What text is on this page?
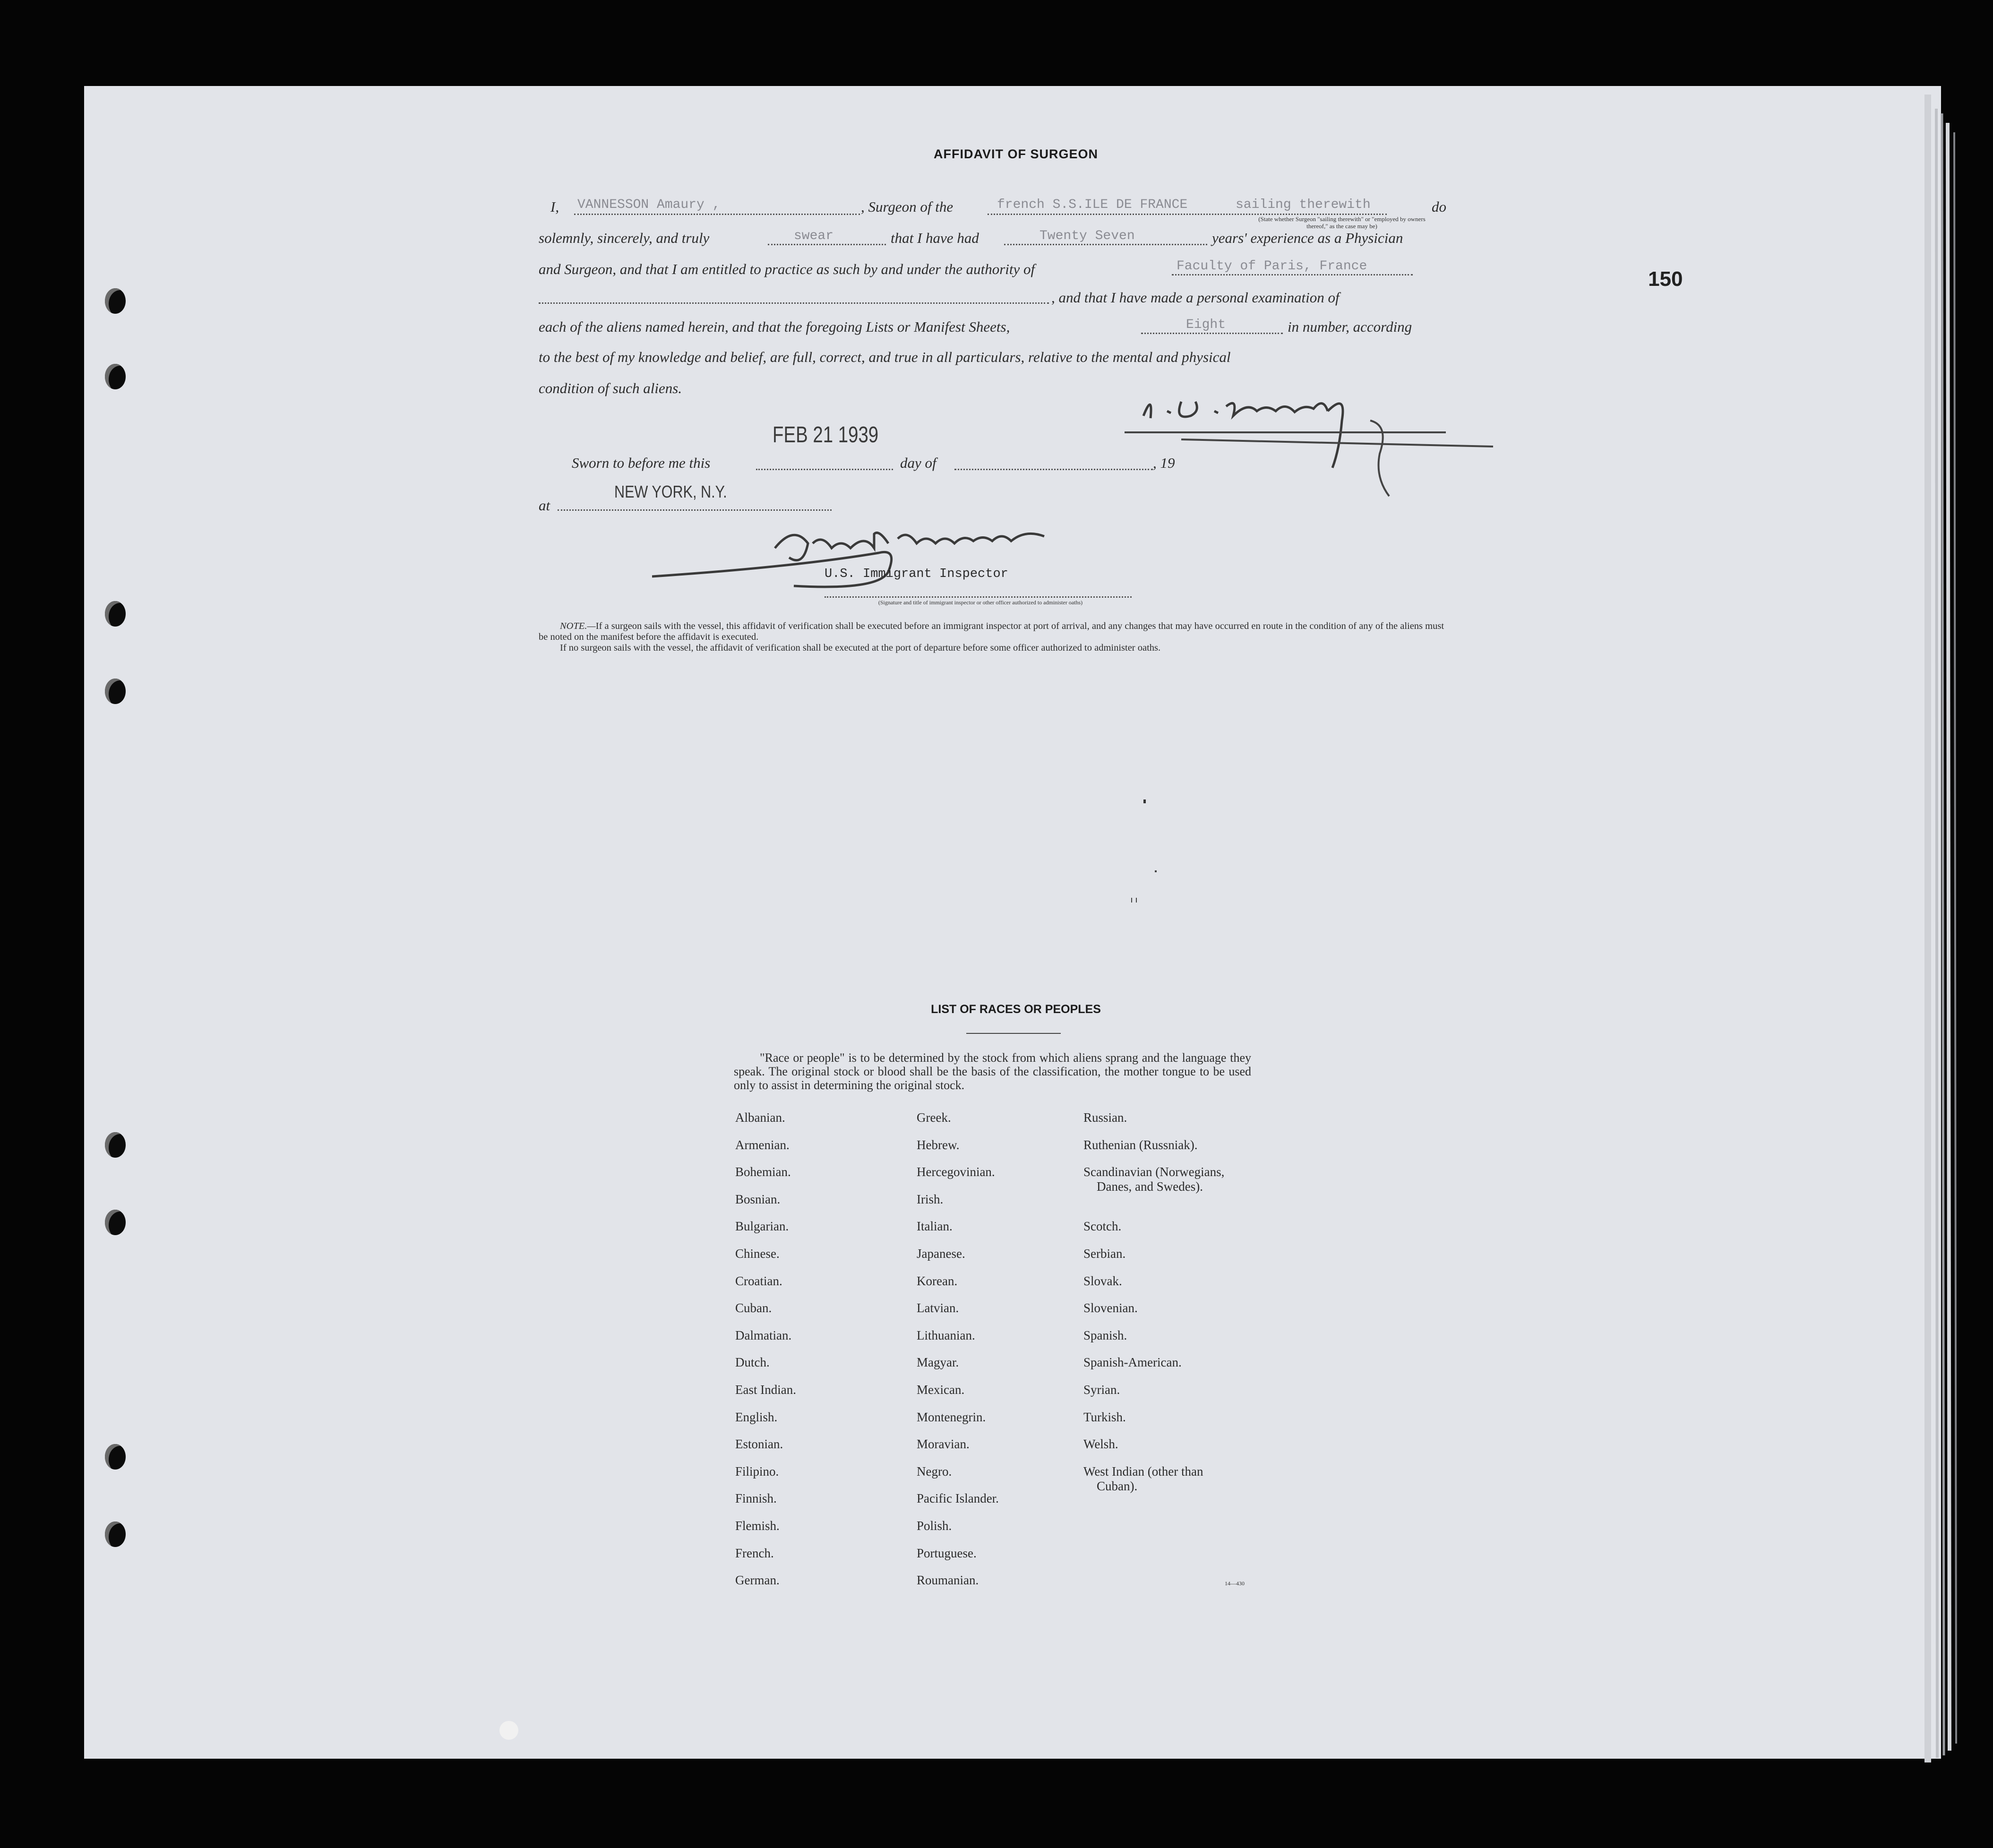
150
AFFIDAVIT OF SURGEON
I, VANNESSON Amaury ,	, Surgeon of the	french S.S.ILE DE FRANCE	sailing therewith	do
(State whether Surgeon "sailing therewith" or "employed by owners thereof," as the case may be)
solemnly, sincerely, and truly	swear	that I have had	Twenty Seven	years' experience as a Physician
and Surgeon, and that I am entitled to practice as such by and under the authority of	Faculty of Paris, France
, and that I have made a personal examination of
each of the aliens named herein, and that the foregoing Lists or Manifest Sheets,	Eight	in number, according
to the best of my knowledge and belief, are full, correct, and true in all particulars, relative to the mental and physical
condition of such aliens.
Sworn to before me this
FEB 21 1939
day of	, 19
at
NEW YORK, N.Y.
U.S. Immigrant Inspector
(Signature and title of immigrant inspector or other officer authorized to administer oaths)
NOTE.—If a surgeon sails with the vessel, this affidavit of verification shall be executed before an immigrant inspector at port of arrival, and any changes that may have occurred en route in the condition of any of the aliens must be noted on the manifest before the affidavit is executed.
If no surgeon sails with the vessel, the affidavit of verification shall be executed at the port of departure before some officer authorized to administer oaths.
LIST OF RACES OR PEOPLES
"Race or people" is to be determined by the stock from which aliens sprang and the language they speak. The original stock or blood shall be the basis of the classification, the mother tongue to be used only to assist in determining the original stock.
Albanian.
Armenian.
Bohemian.
Bosnian.
Bulgarian.
Chinese.
Croatian.
Cuban.
Dalmatian.
Dutch.
East Indian.
English.
Estonian.
Filipino.
Finnish.
Flemish.
French.
German.
Greek.
Hebrew.
Hercegovinian.
Irish.
Italian.
Japanese.
Korean.
Latvian.
Lithuanian.
Magyar.
Mexican.
Montenegrin.
Moravian.
Negro.
Pacific Islander.
Polish.
Portuguese.
Roumanian.
Russian.
Ruthenian (Russniak).
Scandinavian (Norwegians,
Danes, and Swedes).
Scotch.
Serbian.
Slovak.
Slovenian.
Spanish.
Spanish-American.
Syrian.
Turkish.
Welsh.
West Indian (other than
Cuban).
14—430
